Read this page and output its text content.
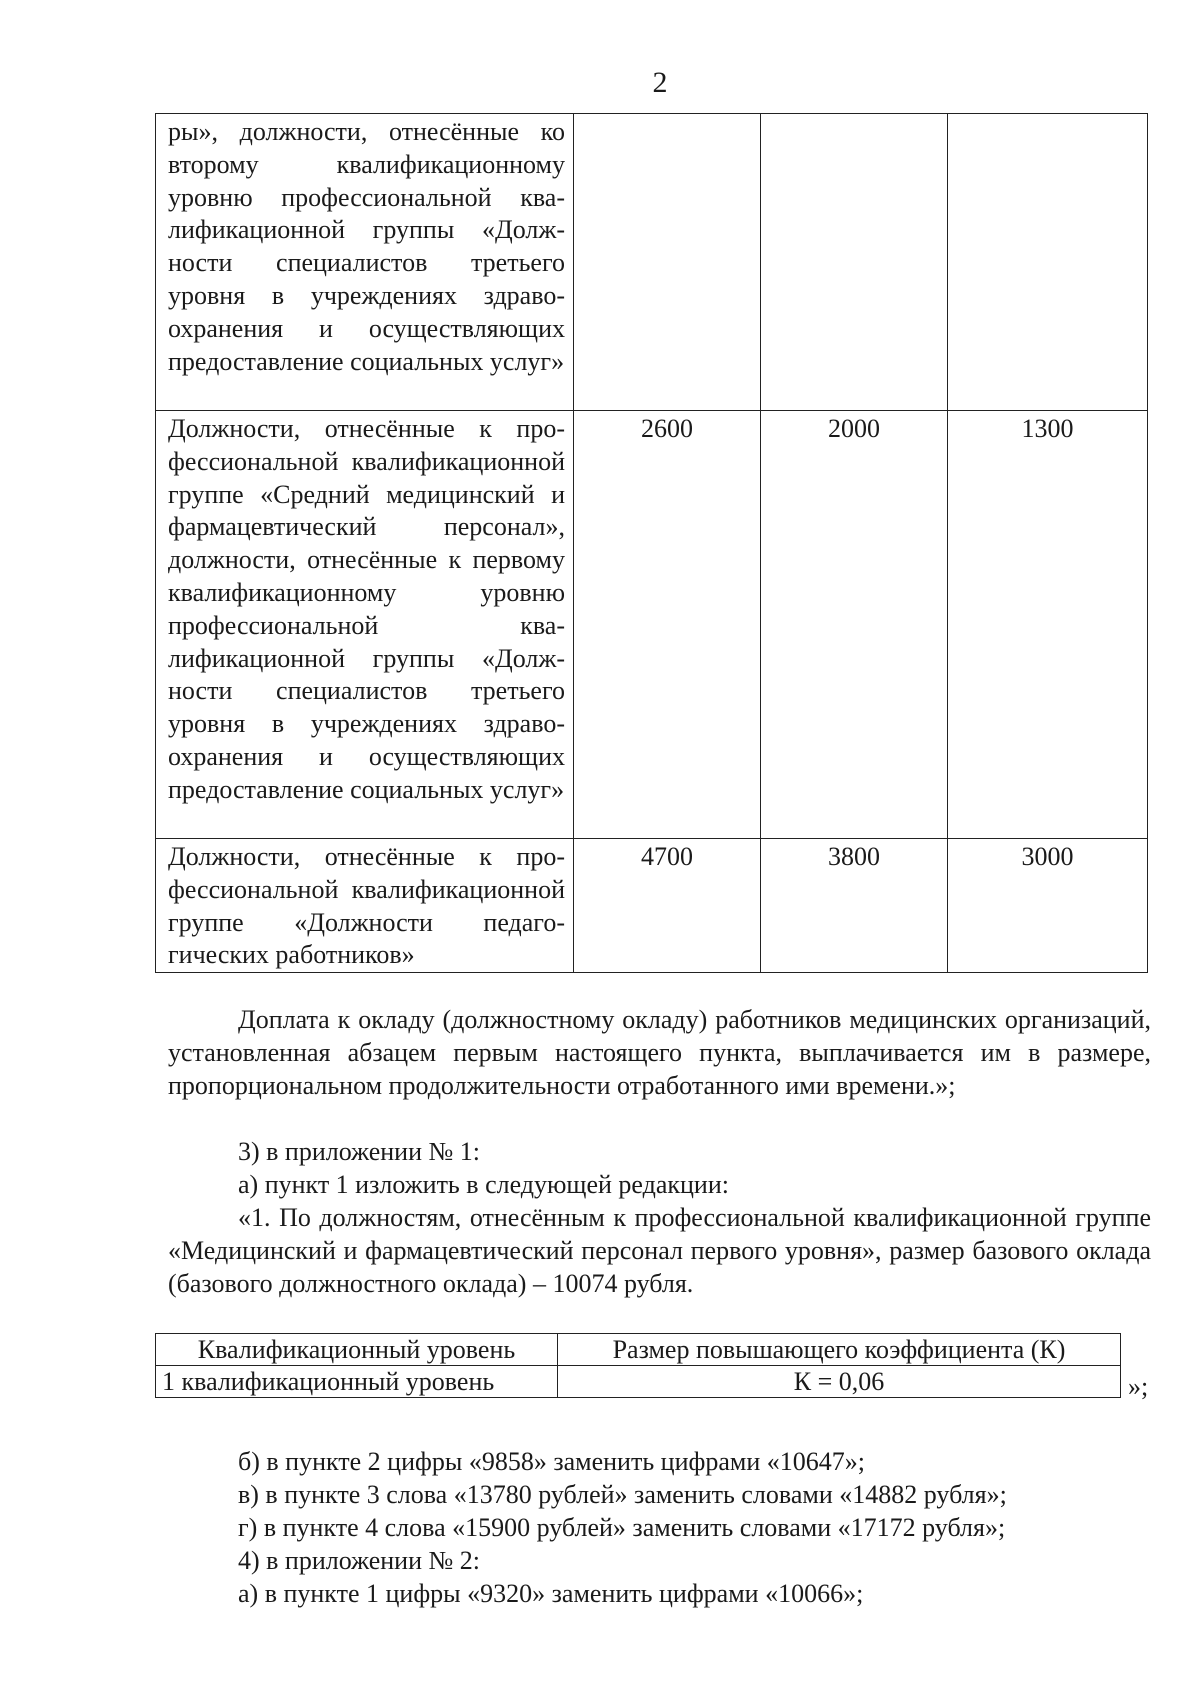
2
ры», должности, отнесённые ко второму квалификационному уровню профессиональной квалификационной группы «Должности специалистов третьего уровня в учреждениях здравоохранения и осуществляющих предоставление социальных услуг»			
Должности, отнесённые к профессиональной квалификационной группе «Средний медицинский и фармацевтический персонал», должности, отнесённые к первому квалификационному уровню профессиональной квалификационной группы «Должности специалистов третьего уровня в учреждениях здравоохранения и осуществляющих предоставление социальных услуг»	2600	2000	1300
Должности, отнесённые к профессиональной квалификационной группе «Должности педагогических работников»	4700	3800	3000

Доплата к окладу (должностному окладу) работников медицинских организаций, установленная абзацем первым настоящего пункта, выплачивается им в размере, пропорциональном продолжительности отработанного ими времени.»;

3) в приложении № 1:

а) пункт 1 изложить в следующей редакции:

«1. По должностям, отнесённым к профессиональной квалификационной группе «Медицинский и фармацевтический персонал первого уровня», размер базового оклада (базового должностного оклада) – 10074 рубля.

Квалификационный уровень	Размер повышающего коэффициента (К)
1 квалификационный уровень	К = 0,06	»;

б) в пункте 2 цифры «9858» заменить цифрами «10647»;

в) в пункте 3 слова «13780 рублей» заменить словами «14882 рубля»;

г) в пункте 4 слова «15900 рублей» заменить словами «17172 рубля»;

4) в приложении № 2:

а) в пункте 1 цифры «9320» заменить цифрами «10066»;
